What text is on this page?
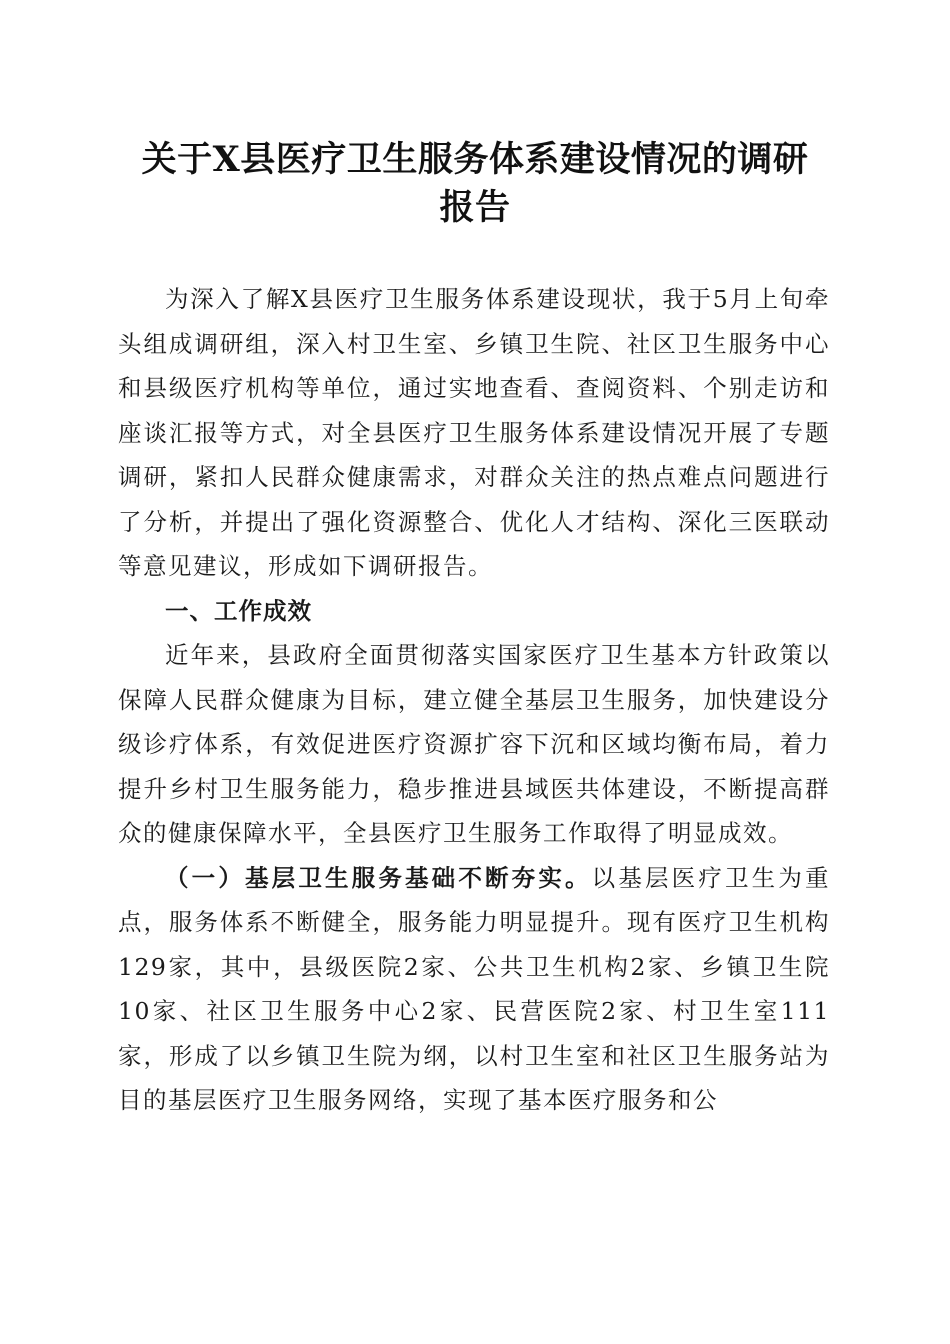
关于X县医疗卫生服务体系建设情况的调研
报告

为深入了解X县医疗卫生服务体系建设现状，我于5月上旬牵头组成调研组，深入村卫生室、乡镇卫生院、社区卫生服务中心和县级医疗机构等单位，通过实地查看、查阅资料、个别走访和座谈汇报等方式，对全县医疗卫生服务体系建设情况开展了专题调研，紧扣人民群众健康需求，对群众关注的热点难点问题进行了分析，并提出了强化资源整合、优化人才结构、深化三医联动等意见建议，形成如下调研报告。

一、工作成效

近年来，县政府全面贯彻落实国家医疗卫生基本方针政策以保障人民群众健康为目标，建立健全基层卫生服务，加快建设分级诊疗体系，有效促进医疗资源扩容下沉和区域均衡布局，着力提升乡村卫生服务能力，稳步推进县域医共体建设，不断提高群众的健康保障水平，全县医疗卫生服务工作取得了明显成效。

（一）基层卫生服务基础不断夯实。以基层医疗卫生为重点，服务体系不断健全，服务能力明显提升。现有医疗卫生机构129家，其中，县级医院2家、公共卫生机构2家、乡镇卫生院10家、社区卫生服务中心2家、民营医院2家、村卫生室111家，形成了以乡镇卫生院为纲，以村卫生室和社区卫生服务站为目的基层医疗卫生服务网络，实现了基本医疗服务和公
